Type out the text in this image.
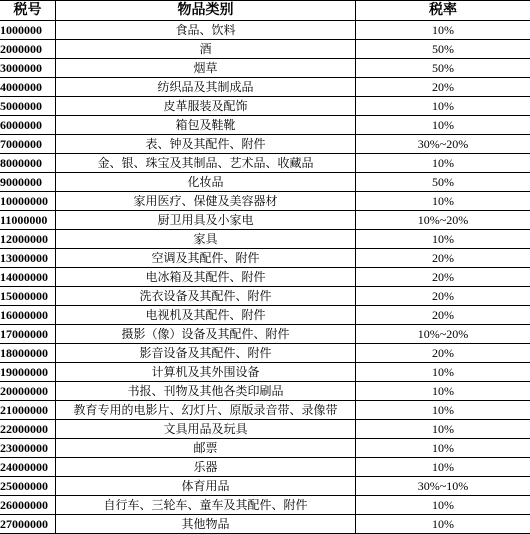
税号	物品类别	税率
1000000	食品、饮料	10%
2000000	酒	50%
3000000	烟草	50%
4000000	纺织品及其制成品	20%
5000000	皮革服装及配饰	10%
6000000	箱包及鞋靴	10%
7000000	表、钟及其配件、附件	30%~20%
8000000	金、银、珠宝及其制品、艺术品、收藏品	10%
9000000	化妆品	50%
10000000	家用医疗、保健及美容器材	10%
11000000	厨卫用具及小家电	10%~20%
12000000	家具	10%
13000000	空调及其配件、附件	20%
14000000	电冰箱及其配件、附件	20%
15000000	洗衣设备及其配件、附件	20%
16000000	电视机及其配件、附件	20%
17000000	摄影（像）设备及其配件、附件	10%~20%
18000000	影音设备及其配件、附件	20%
19000000	计算机及其外围设备	10%
20000000	书报、刊物及其他各类印刷品	10%
21000000	教育专用的电影片、幻灯片、原版录音带、录像带	10%
22000000	文具用品及玩具	10%
23000000	邮票	10%
24000000	乐器	10%
25000000	体育用品	30%~10%
26000000	自行车、三轮车、童车及其配件、附件	10%
27000000	其他物品	10%
